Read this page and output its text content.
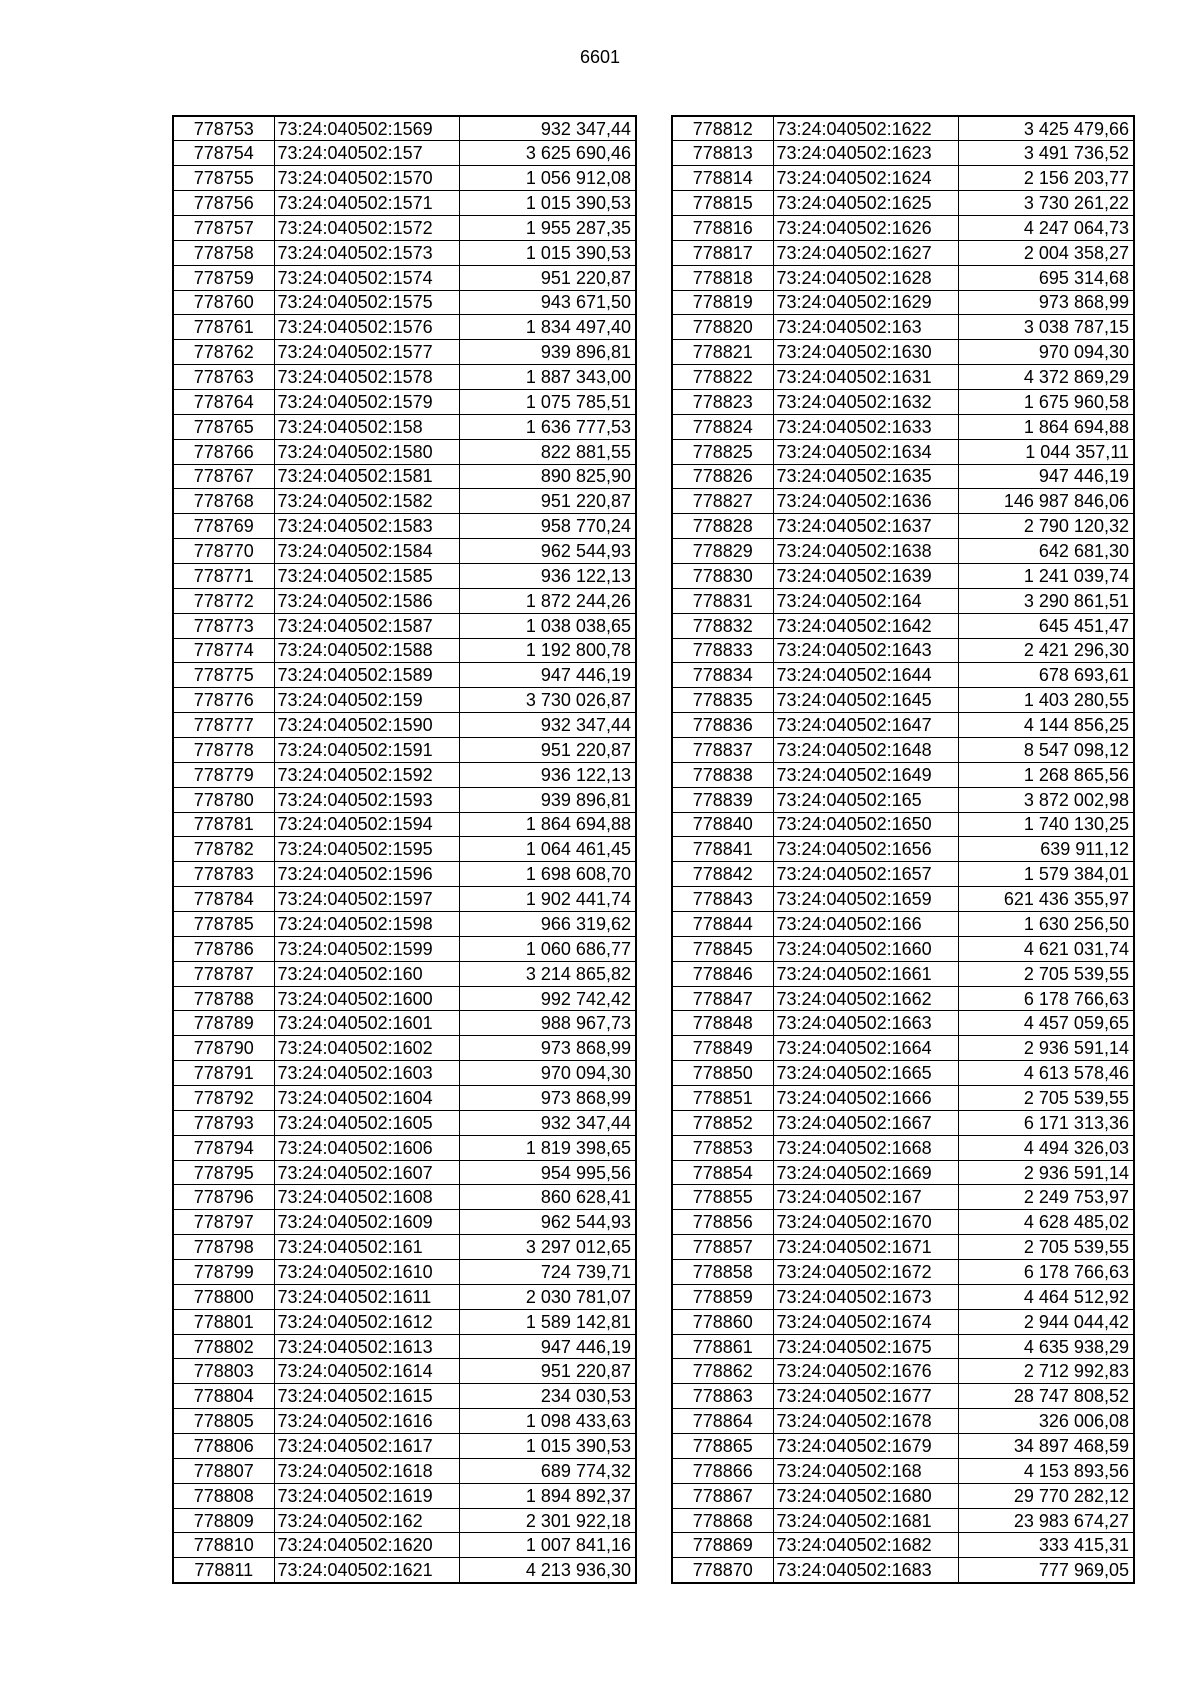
6601
778753	73:24:040502:1569	932 347,44
778754	73:24:040502:157	3 625 690,46
778755	73:24:040502:1570	1 056 912,08
778756	73:24:040502:1571	1 015 390,53
778757	73:24:040502:1572	1 955 287,35
778758	73:24:040502:1573	1 015 390,53
778759	73:24:040502:1574	951 220,87
778760	73:24:040502:1575	943 671,50
778761	73:24:040502:1576	1 834 497,40
778762	73:24:040502:1577	939 896,81
778763	73:24:040502:1578	1 887 343,00
778764	73:24:040502:1579	1 075 785,51
778765	73:24:040502:158	1 636 777,53
778766	73:24:040502:1580	822 881,55
778767	73:24:040502:1581	890 825,90
778768	73:24:040502:1582	951 220,87
778769	73:24:040502:1583	958 770,24
778770	73:24:040502:1584	962 544,93
778771	73:24:040502:1585	936 122,13
778772	73:24:040502:1586	1 872 244,26
778773	73:24:040502:1587	1 038 038,65
778774	73:24:040502:1588	1 192 800,78
778775	73:24:040502:1589	947 446,19
778776	73:24:040502:159	3 730 026,87
778777	73:24:040502:1590	932 347,44
778778	73:24:040502:1591	951 220,87
778779	73:24:040502:1592	936 122,13
778780	73:24:040502:1593	939 896,81
778781	73:24:040502:1594	1 864 694,88
778782	73:24:040502:1595	1 064 461,45
778783	73:24:040502:1596	1 698 608,70
778784	73:24:040502:1597	1 902 441,74
778785	73:24:040502:1598	966 319,62
778786	73:24:040502:1599	1 060 686,77
778787	73:24:040502:160	3 214 865,82
778788	73:24:040502:1600	992 742,42
778789	73:24:040502:1601	988 967,73
778790	73:24:040502:1602	973 868,99
778791	73:24:040502:1603	970 094,30
778792	73:24:040502:1604	973 868,99
778793	73:24:040502:1605	932 347,44
778794	73:24:040502:1606	1 819 398,65
778795	73:24:040502:1607	954 995,56
778796	73:24:040502:1608	860 628,41
778797	73:24:040502:1609	962 544,93
778798	73:24:040502:161	3 297 012,65
778799	73:24:040502:1610	724 739,71
778800	73:24:040502:1611	2 030 781,07
778801	73:24:040502:1612	1 589 142,81
778802	73:24:040502:1613	947 446,19
778803	73:24:040502:1614	951 220,87
778804	73:24:040502:1615	234 030,53
778805	73:24:040502:1616	1 098 433,63
778806	73:24:040502:1617	1 015 390,53
778807	73:24:040502:1618	689 774,32
778808	73:24:040502:1619	1 894 892,37
778809	73:24:040502:162	2 301 922,18
778810	73:24:040502:1620	1 007 841,16
778811	73:24:040502:1621	4 213 936,30
778812	73:24:040502:1622	3 425 479,66
778813	73:24:040502:1623	3 491 736,52
778814	73:24:040502:1624	2 156 203,77
778815	73:24:040502:1625	3 730 261,22
778816	73:24:040502:1626	4 247 064,73
778817	73:24:040502:1627	2 004 358,27
778818	73:24:040502:1628	695 314,68
778819	73:24:040502:1629	973 868,99
778820	73:24:040502:163	3 038 787,15
778821	73:24:040502:1630	970 094,30
778822	73:24:040502:1631	4 372 869,29
778823	73:24:040502:1632	1 675 960,58
778824	73:24:040502:1633	1 864 694,88
778825	73:24:040502:1634	1 044 357,11
778826	73:24:040502:1635	947 446,19
778827	73:24:040502:1636	146 987 846,06
778828	73:24:040502:1637	2 790 120,32
778829	73:24:040502:1638	642 681,30
778830	73:24:040502:1639	1 241 039,74
778831	73:24:040502:164	3 290 861,51
778832	73:24:040502:1642	645 451,47
778833	73:24:040502:1643	2 421 296,30
778834	73:24:040502:1644	678 693,61
778835	73:24:040502:1645	1 403 280,55
778836	73:24:040502:1647	4 144 856,25
778837	73:24:040502:1648	8 547 098,12
778838	73:24:040502:1649	1 268 865,56
778839	73:24:040502:165	3 872 002,98
778840	73:24:040502:1650	1 740 130,25
778841	73:24:040502:1656	639 911,12
778842	73:24:040502:1657	1 579 384,01
778843	73:24:040502:1659	621 436 355,97
778844	73:24:040502:166	1 630 256,50
778845	73:24:040502:1660	4 621 031,74
778846	73:24:040502:1661	2 705 539,55
778847	73:24:040502:1662	6 178 766,63
778848	73:24:040502:1663	4 457 059,65
778849	73:24:040502:1664	2 936 591,14
778850	73:24:040502:1665	4 613 578,46
778851	73:24:040502:1666	2 705 539,55
778852	73:24:040502:1667	6 171 313,36
778853	73:24:040502:1668	4 494 326,03
778854	73:24:040502:1669	2 936 591,14
778855	73:24:040502:167	2 249 753,97
778856	73:24:040502:1670	4 628 485,02
778857	73:24:040502:1671	2 705 539,55
778858	73:24:040502:1672	6 178 766,63
778859	73:24:040502:1673	4 464 512,92
778860	73:24:040502:1674	2 944 044,42
778861	73:24:040502:1675	4 635 938,29
778862	73:24:040502:1676	2 712 992,83
778863	73:24:040502:1677	28 747 808,52
778864	73:24:040502:1678	326 006,08
778865	73:24:040502:1679	34 897 468,59
778866	73:24:040502:168	4 153 893,56
778867	73:24:040502:1680	29 770 282,12
778868	73:24:040502:1681	23 983 674,27
778869	73:24:040502:1682	333 415,31
778870	73:24:040502:1683	777 969,05
